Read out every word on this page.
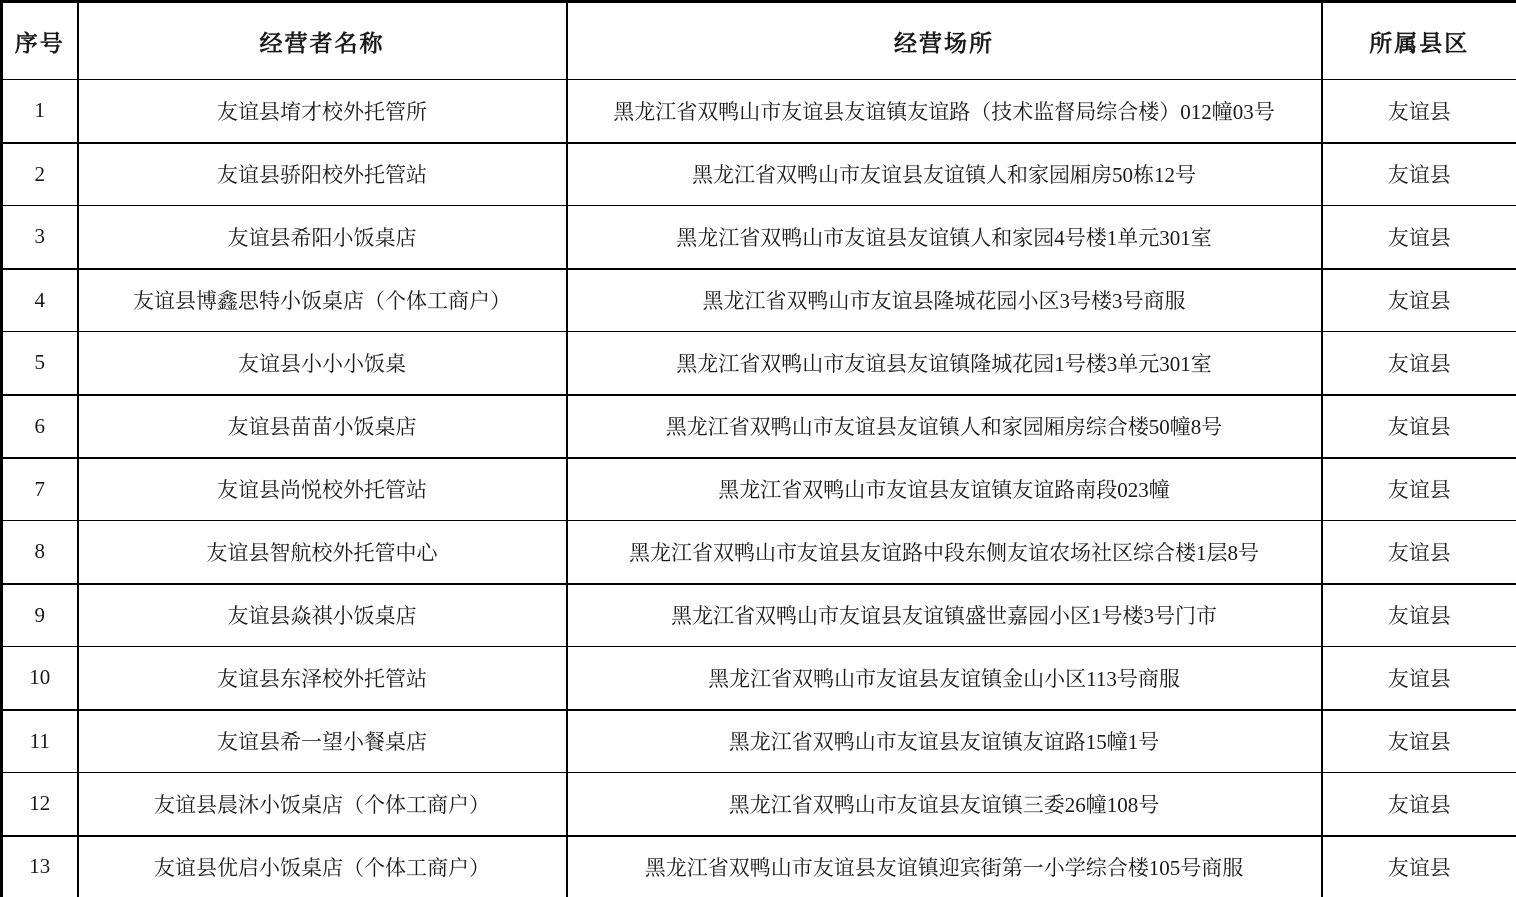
序号	经营者名称	经营场所	所属县区
1	友谊县堉才校外托管所	黑龙江省双鸭山市友谊县友谊镇友谊路（技术监督局综合楼）012幢03号	友谊县
2	友谊县骄阳校外托管站	黑龙江省双鸭山市友谊县友谊镇人和家园厢房50栋12号	友谊县
3	友谊县希阳小饭桌店	黑龙江省双鸭山市友谊县友谊镇人和家园4号楼1单元301室	友谊县
4	友谊县博鑫思特小饭桌店（个体工商户）	黑龙江省双鸭山市友谊县隆城花园小区3号楼3号商服	友谊县
5	友谊县小小小饭桌	黑龙江省双鸭山市友谊县友谊镇隆城花园1号楼3单元301室	友谊县
6	友谊县苗苗小饭桌店	黑龙江省双鸭山市友谊县友谊镇人和家园厢房综合楼50幢8号	友谊县
7	友谊县尚悦校外托管站	黑龙江省双鸭山市友谊县友谊镇友谊路南段023幢	友谊县
8	友谊县智航校外托管中心	黑龙江省双鸭山市友谊县友谊路中段东侧友谊农场社区综合楼1层8号	友谊县
9	友谊县焱祺小饭桌店	黑龙江省双鸭山市友谊县友谊镇盛世嘉园小区1号楼3号门市	友谊县
10	友谊县东泽校外托管站	黑龙江省双鸭山市友谊县友谊镇金山小区113号商服	友谊县
11	友谊县希一望小餐桌店	黑龙江省双鸭山市友谊县友谊镇友谊路15幢1号	友谊县
12	友谊县晨沐小饭桌店（个体工商户）	黑龙江省双鸭山市友谊县友谊镇三委26幢108号	友谊县
13	友谊县优启小饭桌店（个体工商户）	黑龙江省双鸭山市友谊县友谊镇迎宾街第一小学综合楼105号商服	友谊县
